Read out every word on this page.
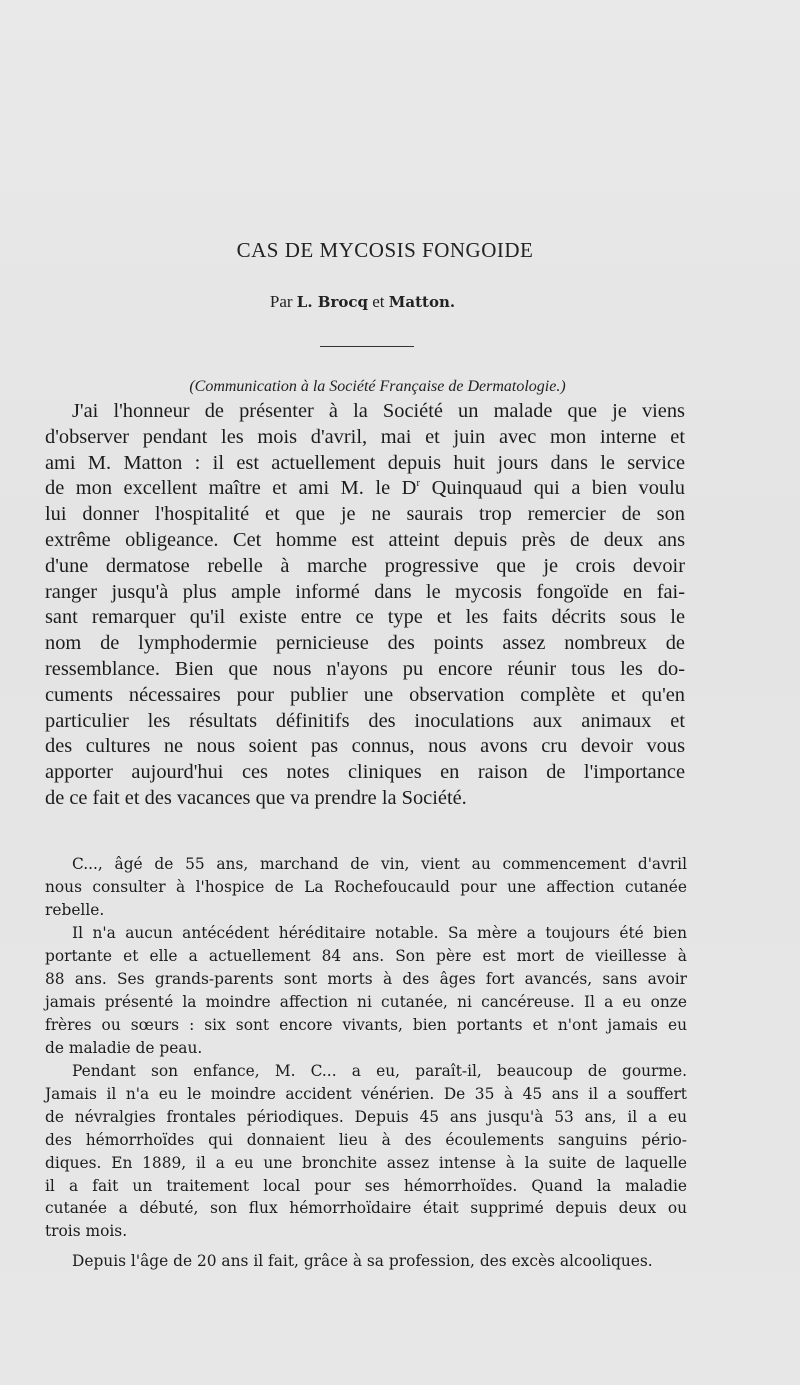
CAS DE MYCOSIS FONGOIDE
Par L. Brocq et Matton.
(Communication à la Société Française de Dermatologie.)
J'ai l'honneur de présenter à la Société un malade que je viens
d'observer pendant les mois d'avril, mai et juin avec mon interne et
ami M. Matton : il est actuellement depuis huit jours dans le service
de mon excellent maître et ami M. le $D^r$ Quinquaud qui a bien voulu
lui donner l'hospitalité et que je ne saurais trop remercier de son
extrême obligeance. Cet homme est atteint depuis près de deux ans
d'une dermatose rebelle à marche progressive que je crois devoir
ranger jusqu'à plus ample informé dans le mycosis fongoïde en fai-
sant remarquer qu'il existe entre ce type et les faits décrits sous le
nom de lymphodermie pernicieuse des points assez nombreux de
ressemblance. Bien que nous n'ayons pu encore réunir tous les do-
cuments nécessaires pour publier une observation complète et qu'en
particulier les résultats définitifs des inoculations aux animaux et
des cultures ne nous soient pas connus, nous avons cru devoir vous
apporter aujourd'hui ces notes cliniques en raison de l'importance
de ce fait et des vacances que va prendre la Société.
C..., âgé de 55 ans, marchand de vin, vient au commencement d'avril
nous consulter à l'hospice de La Rochefoucauld pour une affection cutanée
rebelle.
Il n'a aucun antécédent héréditaire notable. Sa mère a toujours été bien
portante et elle a actuellement 84 ans. Son père est mort de vieillesse à
88 ans. Ses grands-parents sont morts à des âges fort avancés, sans avoir
jamais présenté la moindre affection ni cutanée, ni cancéreuse. Il a eu onze
frères ou sœurs : six sont encore vivants, bien portants et n'ont jamais eu
de maladie de peau.
Pendant son enfance, M. C... a eu, paraît-il, beaucoup de gourme.
Jamais il n'a eu le moindre accident vénérien. De 35 à 45 ans il a souffert
de névralgies frontales périodiques. Depuis 45 ans jusqu'à 53 ans, il a eu
des hémorrhoïdes qui donnaient lieu à des écoulements sanguins pério-
diques. En 1889, il a eu une bronchite assez intense à la suite de laquelle
il a fait un traitement local pour ses hémorrhoïdes. Quand la maladie
cutanée a débuté, son flux hémorrhoïdaire était supprimé depuis deux ou
trois mois.
Depuis l'âge de 20 ans il fait, grâce à sa profession, des excès alcooliques.
